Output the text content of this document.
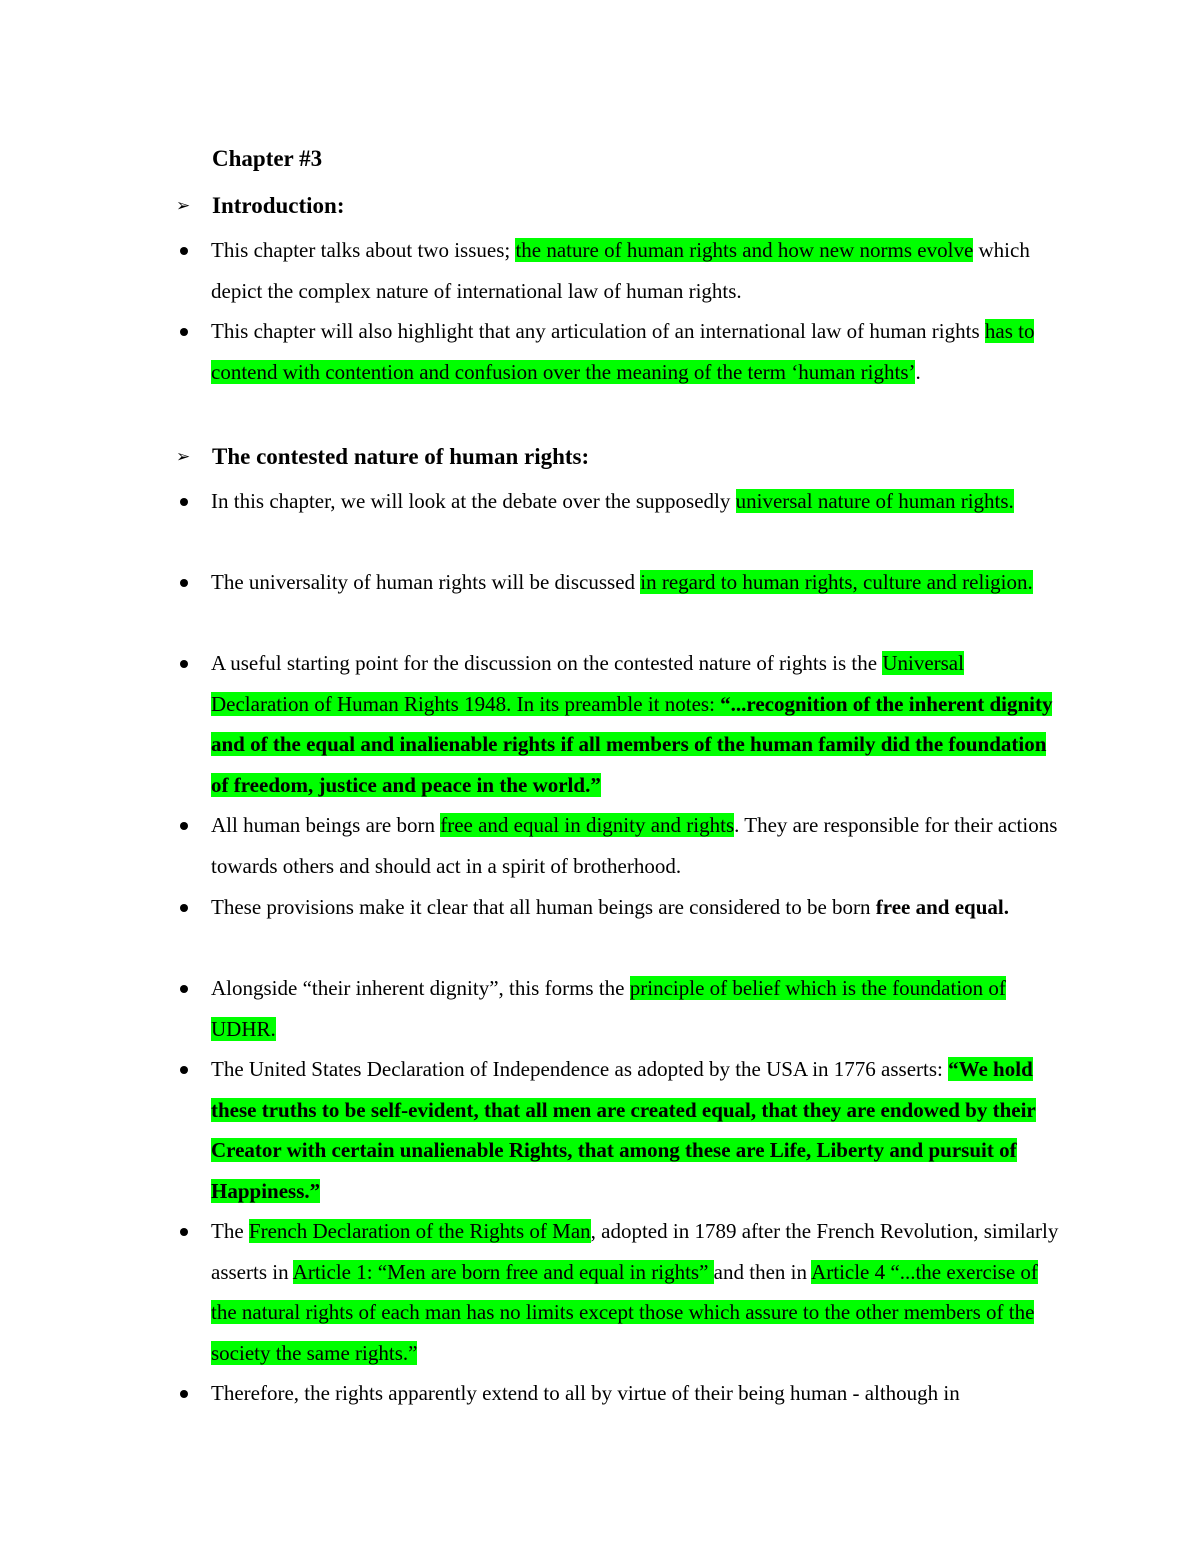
Chapter #3
➢ Introduction:
This chapter talks about two issues; the nature of human rights and how new norms evolve which depict the complex nature of international law of human rights.
This chapter will also highlight that any articulation of an international law of human rights has to contend with contention and confusion over the meaning of the term ‘human rights’.
➢ The contested nature of human rights:
In this chapter, we will look at the debate over the supposedly universal nature of human rights.
The universality of human rights will be discussed in regard to human rights, culture and religion.
A useful starting point for the discussion on the contested nature of rights is the Universal Declaration of Human Rights 1948. In its preamble it notes: “...recognition of the inherent dignity and of the equal and inalienable rights if all members of the human family did the foundation of freedom, justice and peace in the world.”
All human beings are born free and equal in dignity and rights. They are responsible for their actions towards others and should act in a spirit of brotherhood.
These provisions make it clear that all human beings are considered to be born free and equal.
Alongside “their inherent dignity”, this forms the principle of belief which is the foundation of UDHR.
The United States Declaration of Independence as adopted by the USA in 1776 asserts: “We hold these truths to be self-evident, that all men are created equal, that they are endowed by their Creator with certain unalienable Rights, that among these are Life, Liberty and pursuit of Happiness.”
The French Declaration of the Rights of Man, adopted in 1789 after the French Revolution, similarly asserts in Article 1: “Men are born free and equal in rights” and then in Article 4 “...the exercise of the natural rights of each man has no limits except those which assure to the other members of the society the same rights.”
Therefore, the rights apparently extend to all by virtue of their being human - although in
